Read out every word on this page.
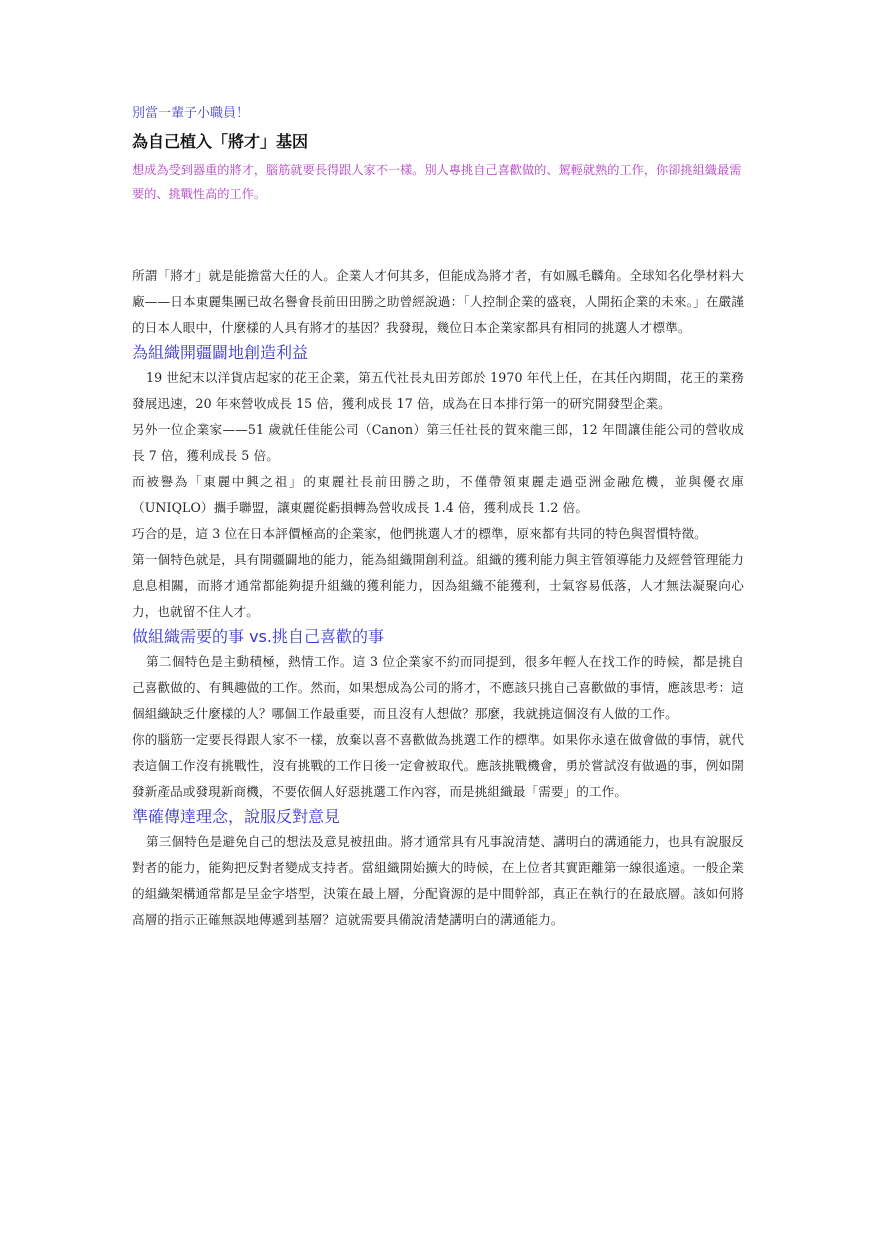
別當一輩子小職員！
為自己植入「將才」基因
想成為受到器重的將才，腦筋就要長得跟人家不一樣。別人專挑自己喜歡做的、駕輕就熟的工作，你卻挑組織最需要的、挑戰性高的工作。

所謂「將才」就是能擔當大任的人。企業人才何其多，但能成為將才者，有如鳳毛麟角。全球知名化學材料大廠——日本東麗集團已故名譽會長前田田勝之助曾經說過：「人控制企業的盛衰，人開拓企業的未來。」在嚴謹的日本人眼中，什麼樣的人具有將才的基因？我發現，幾位日本企業家都具有相同的挑選人才標準。

為組織開疆闢地創造利益

19 世紀末以洋貨店起家的花王企業，第五代社長丸田芳郎於 1970 年代上任，在其任內期間，花王的業務發展迅速，20 年來營收成長 15 倍，獲利成長 17 倍，成為在日本排行第一的研究開發型企業。

另外一位企業家——51 歲就任佳能公司（Canon）第三任社長的賀來龍三郎，12 年間讓佳能公司的營收成長 7 倍，獲利成長 5 倍。

而被譽為「東麗中興之祖」的東麗社長前田勝之助，不僅帶領東麗走過亞洲金融危機，並與優衣庫（UNIQLO）攜手聯盟，讓東麗從虧損轉為營收成長 1.4 倍，獲利成長 1.2 倍。

巧合的是，這 3 位在日本評價極高的企業家，他們挑選人才的標準，原來都有共同的特色與習慣特徵。

第一個特色就是，具有開疆闢地的能力，能為組織開創利益。組織的獲利能力與主管領導能力及經營管理能力息息相關，而將才通常都能夠提升組織的獲利能力，因為組織不能獲利，士氣容易低落，人才無法凝聚向心力，也就留不住人才。

做組織需要的事 vs.挑自己喜歡的事

第二個特色是主動積極，熱情工作。這 3 位企業家不約而同提到，很多年輕人在找工作的時候，都是挑自己喜歡做的、有興趣做的工作。然而，如果想成為公司的將才，不應該只挑自己喜歡做的事情，應該思考：這個組織缺乏什麼樣的人？哪個工作最重要，而且沒有人想做？那麼，我就挑這個沒有人做的工作。

你的腦筋一定要長得跟人家不一樣，放棄以喜不喜歡做為挑選工作的標準。如果你永遠在做會做的事情，就代表這個工作沒有挑戰性，沒有挑戰的工作日後一定會被取代。應該挑戰機會，勇於嘗試沒有做過的事，例如開發新產品或發現新商機，不要依個人好惡挑選工作內容，而是挑組織最「需要」的工作。

準確傳達理念，說服反對意見

第三個特色是避免自己的想法及意見被扭曲。將才通常具有凡事說清楚、講明白的溝通能力，也具有說服反對者的能力，能夠把反對者變成支持者。當組織開始擴大的時候，在上位者其實距離第一線很遙遠。一般企業的組織架構通常都是呈金字塔型，決策在最上層，分配資源的是中間幹部，真正在執行的在最底層。該如何將高層的指示正確無誤地傳遞到基層？這就需要具備說清楚講明白的溝通能力。
